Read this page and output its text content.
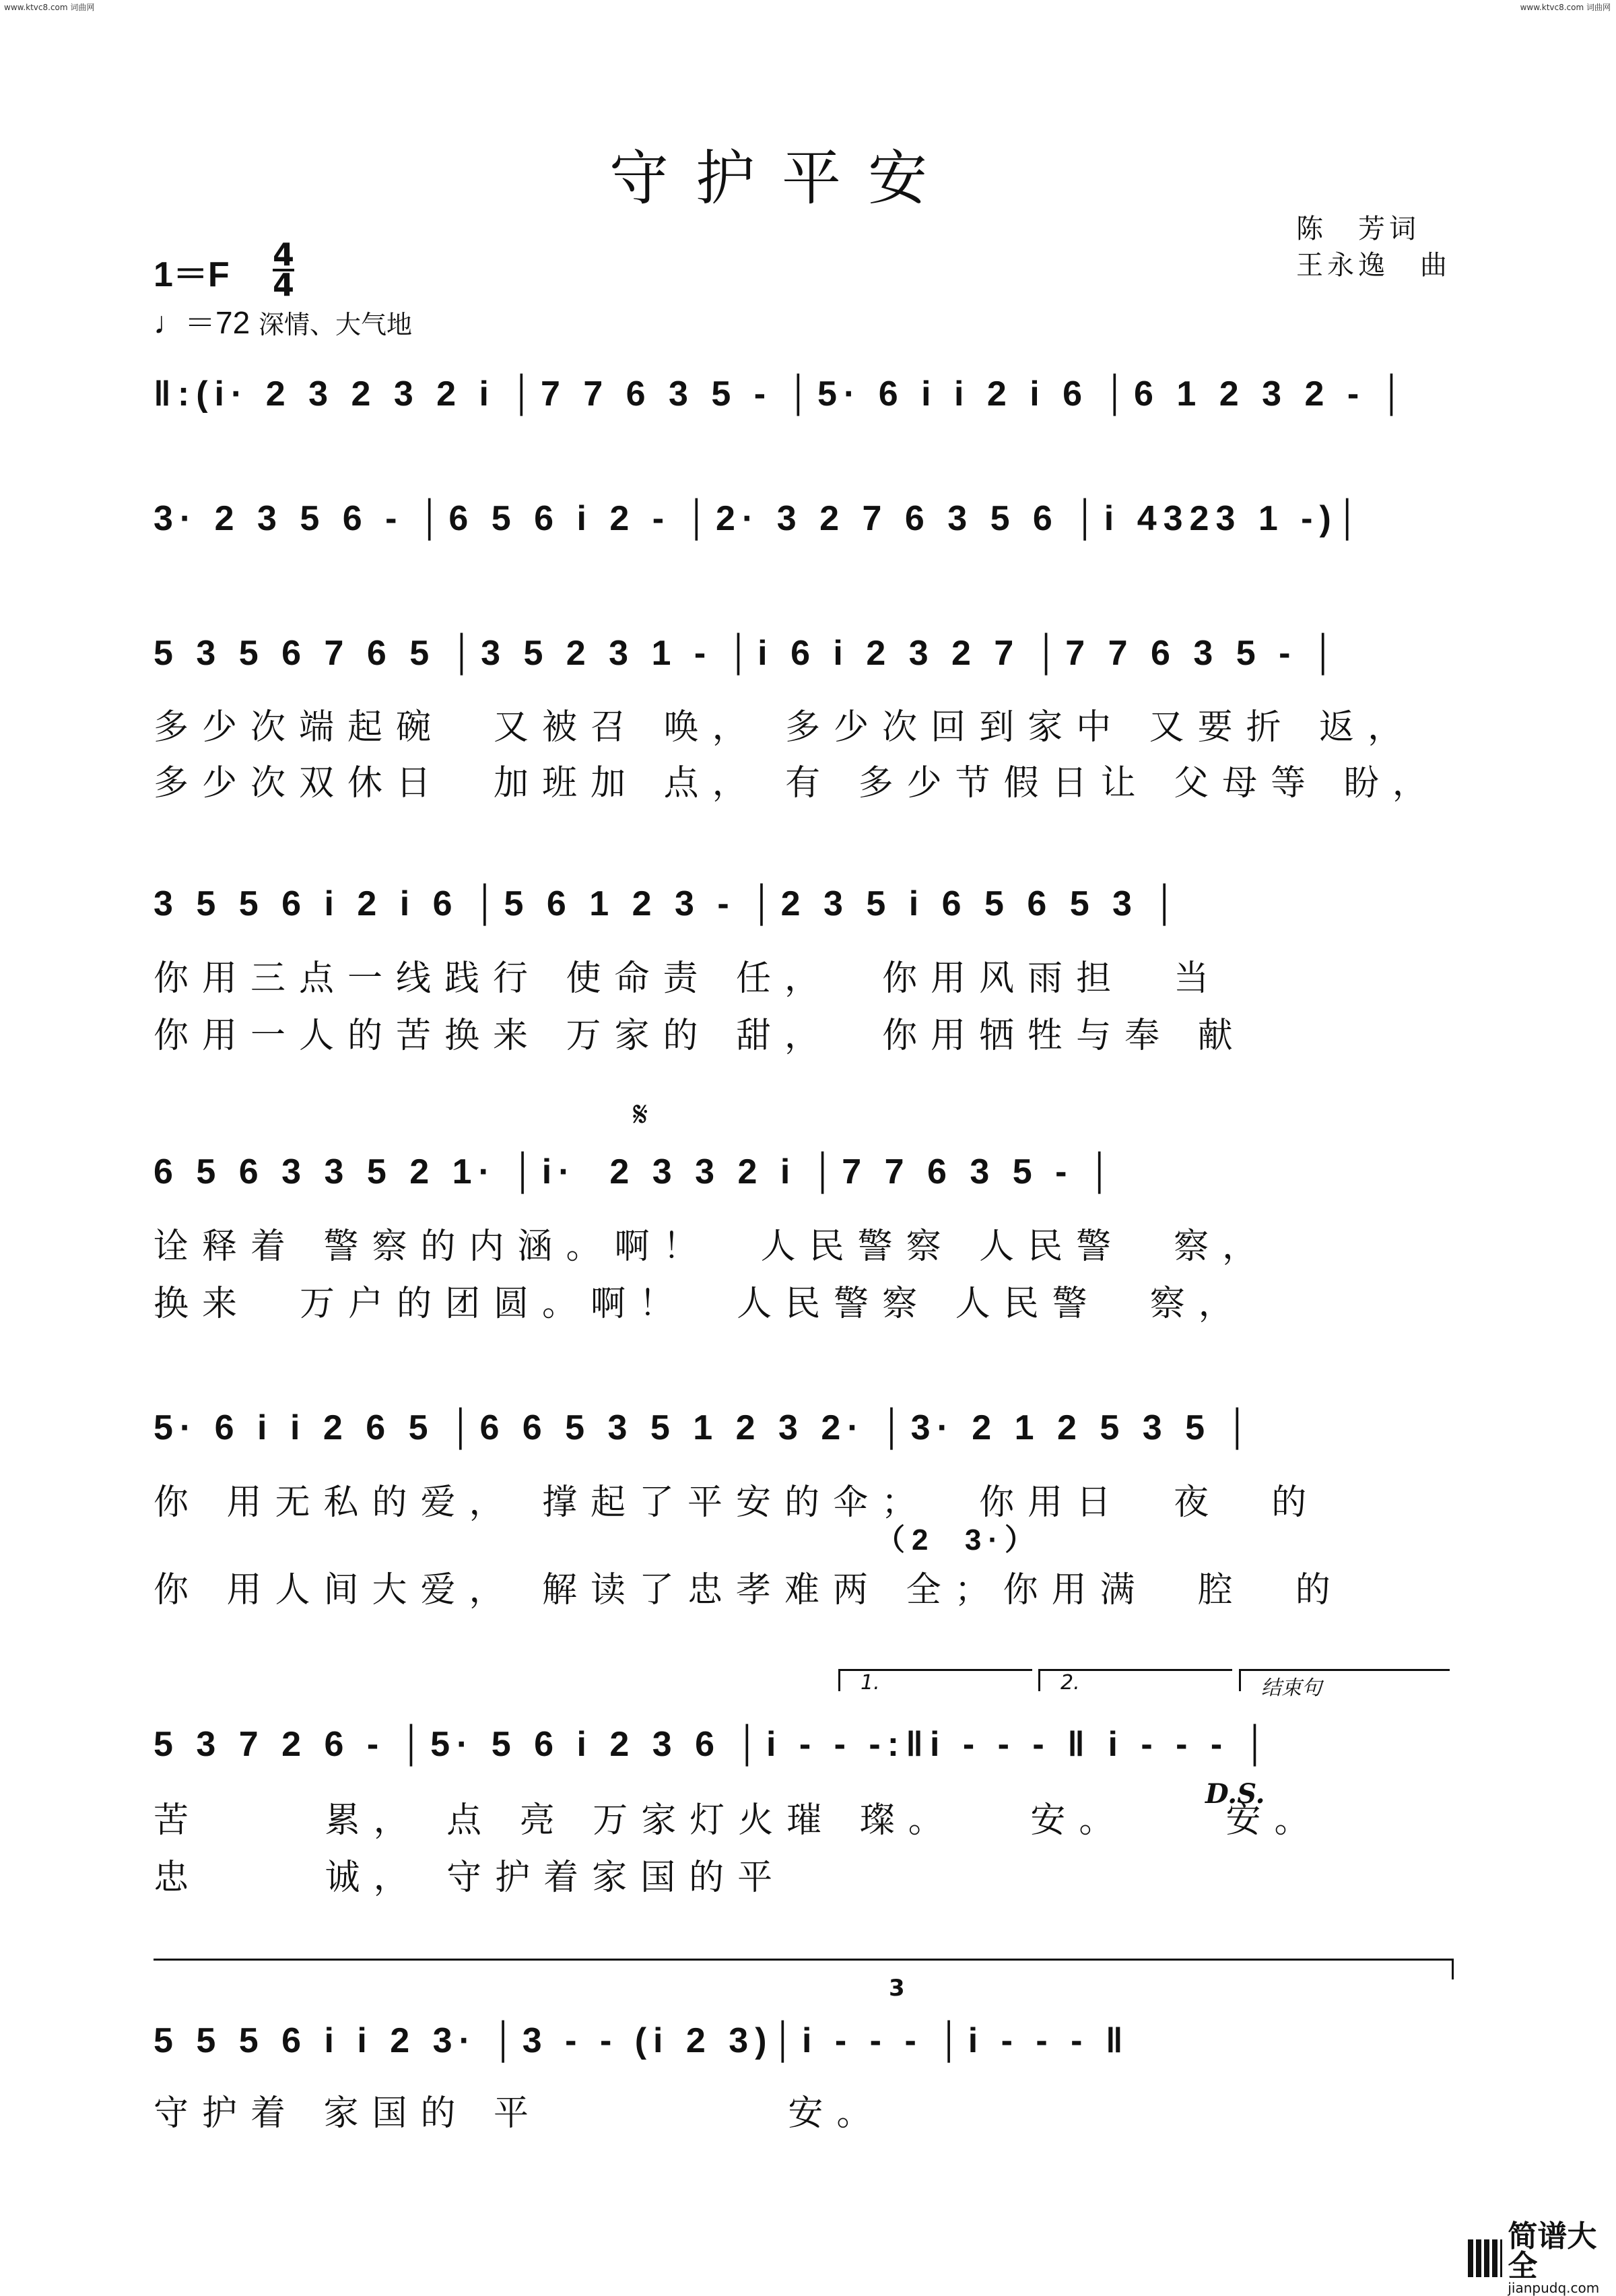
www.ktvc8.com 词曲网	www.ktvc8.com 词曲网
守护平安
陈　芳词
王永逸　曲
$1=F \frac{4}{4}$
♩＝72 深情、大气地
‖:(i· 2 3 2 3 2 i │7 7 6 3 5 - │5· 6 i i 2 i 6 │6 1 2 3 2 - │
3· 2 3 5 6 - │6 5 6 i 2 - │2· 3 2 7 6 3 5 6 │i 4323 1 -)│
5 3 5 6 7 6 5 │3 5 2 3 1 - │i 6 i 2 3 2 7 │7 7 6 3 5 - │
多少次端起碗  又被召 唤， 多少次回到家中 又要折 返，
多少次双休日  加班加 点， 有 多少节假日让 父母等 盼，
3 5 5 6 i 2 i 6 │5 6 1 2 3 - │2 3 5 i 6 5 6 5 3 │
你用三点一线践行 使命责 任，  你用风雨担  当
你用一人的苦换来 万家的 甜，  你用牺牲与奉 献
𝄋
6 5 6 3 3 5 2 1· │i·  2 3 3 2 i │7 7 6 3 5 - │
诠释着 警察的内涵。啊！  人民警察 人民警  察，
换来  万户的团圆。啊！  人民警察 人民警  察，
5· 6 i i 2 6 5 │6 6 5 3 5 1 2 3 2· │3· 2 1 2 5 3 5 │
你 用无私的爱， 撑起了平安的伞；  你用日  夜  的
（2  3·）
你 用人间大爱， 解读了忠孝难两 全；你用满  腔  的
1.	2.	结束句
5 3 7 2 6 - │5· 5 6 i 2 3 6 │i - - -:‖i - - - ‖ i - - - │
苦     累， 点 亮 万家灯火璀 璨。   安。    安。
D.S.
忠     诚， 守护着家国的平
3
5 5 5 6 i i 2 3· │3 - - (i 2 3)│i - - - │i - - - ‖
守护着 家国的 平          安。
简谱大全
jianpudq.com
